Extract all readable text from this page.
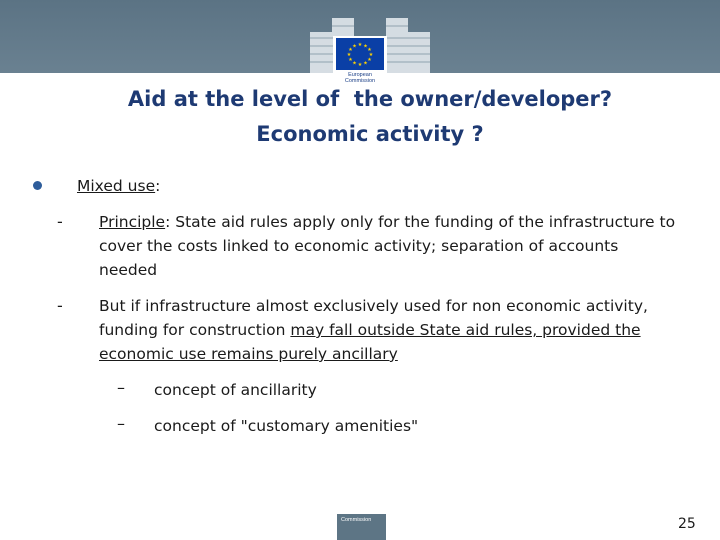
★ ★
★
★
★
★
★
★
★
★
★
★
European
Commission
Aid at the level of  the owner/developer?
Economic activity ?
Mixed use:
- Principle: State aid rules apply only for the funding of the infrastructure to
cover the costs linked to economic activity; separation of accounts
needed
- But if infrastructure almost exclusively used for non economic activity,
funding for construction may fall outside State aid rules, provided the
economic use remains purely ancillary
– concept of ancillarity
– concept of "customary amenities"
Commission	25
